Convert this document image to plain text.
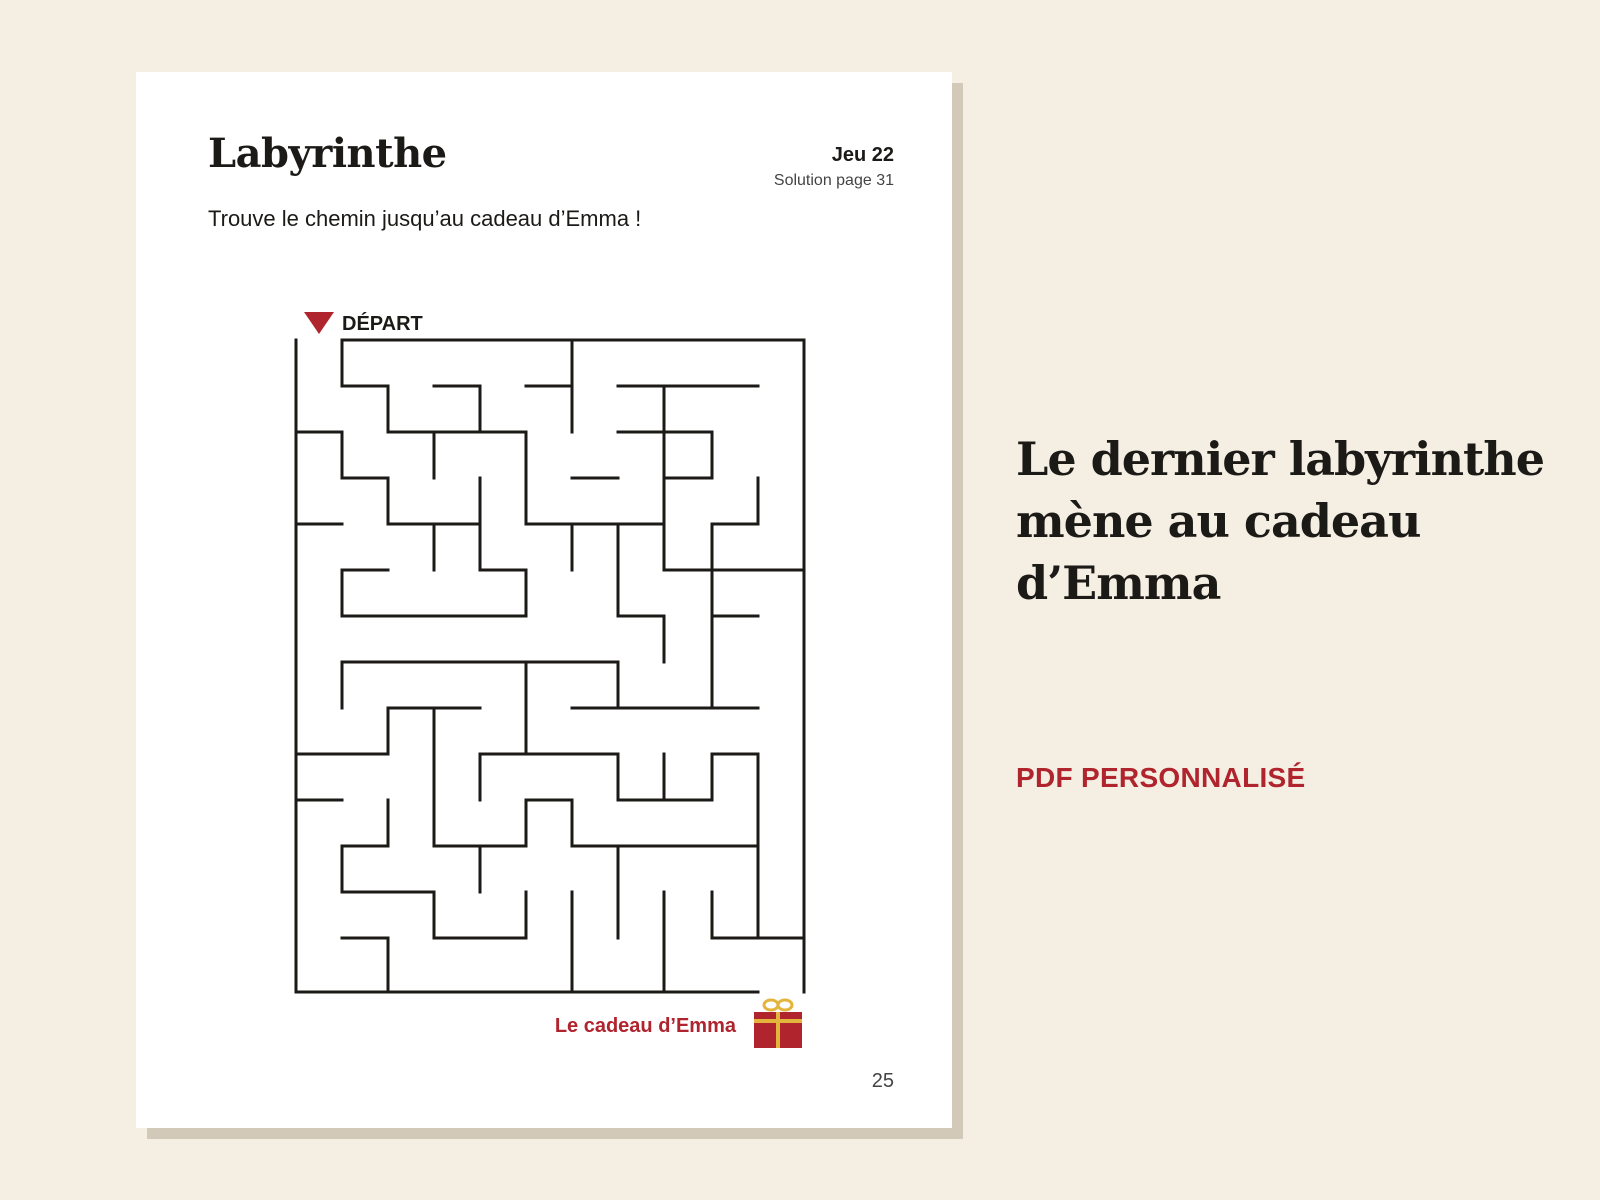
Labyrinthe	Jeu 22
Solution page 31
Trouve le chemin jusqu’au cadeau d’Emma !
DÉPART
Le cadeau d’Emma
25
Le dernier labyrinthe
mène au cadeau
d’Emma
PDF PERSONNALISÉ
